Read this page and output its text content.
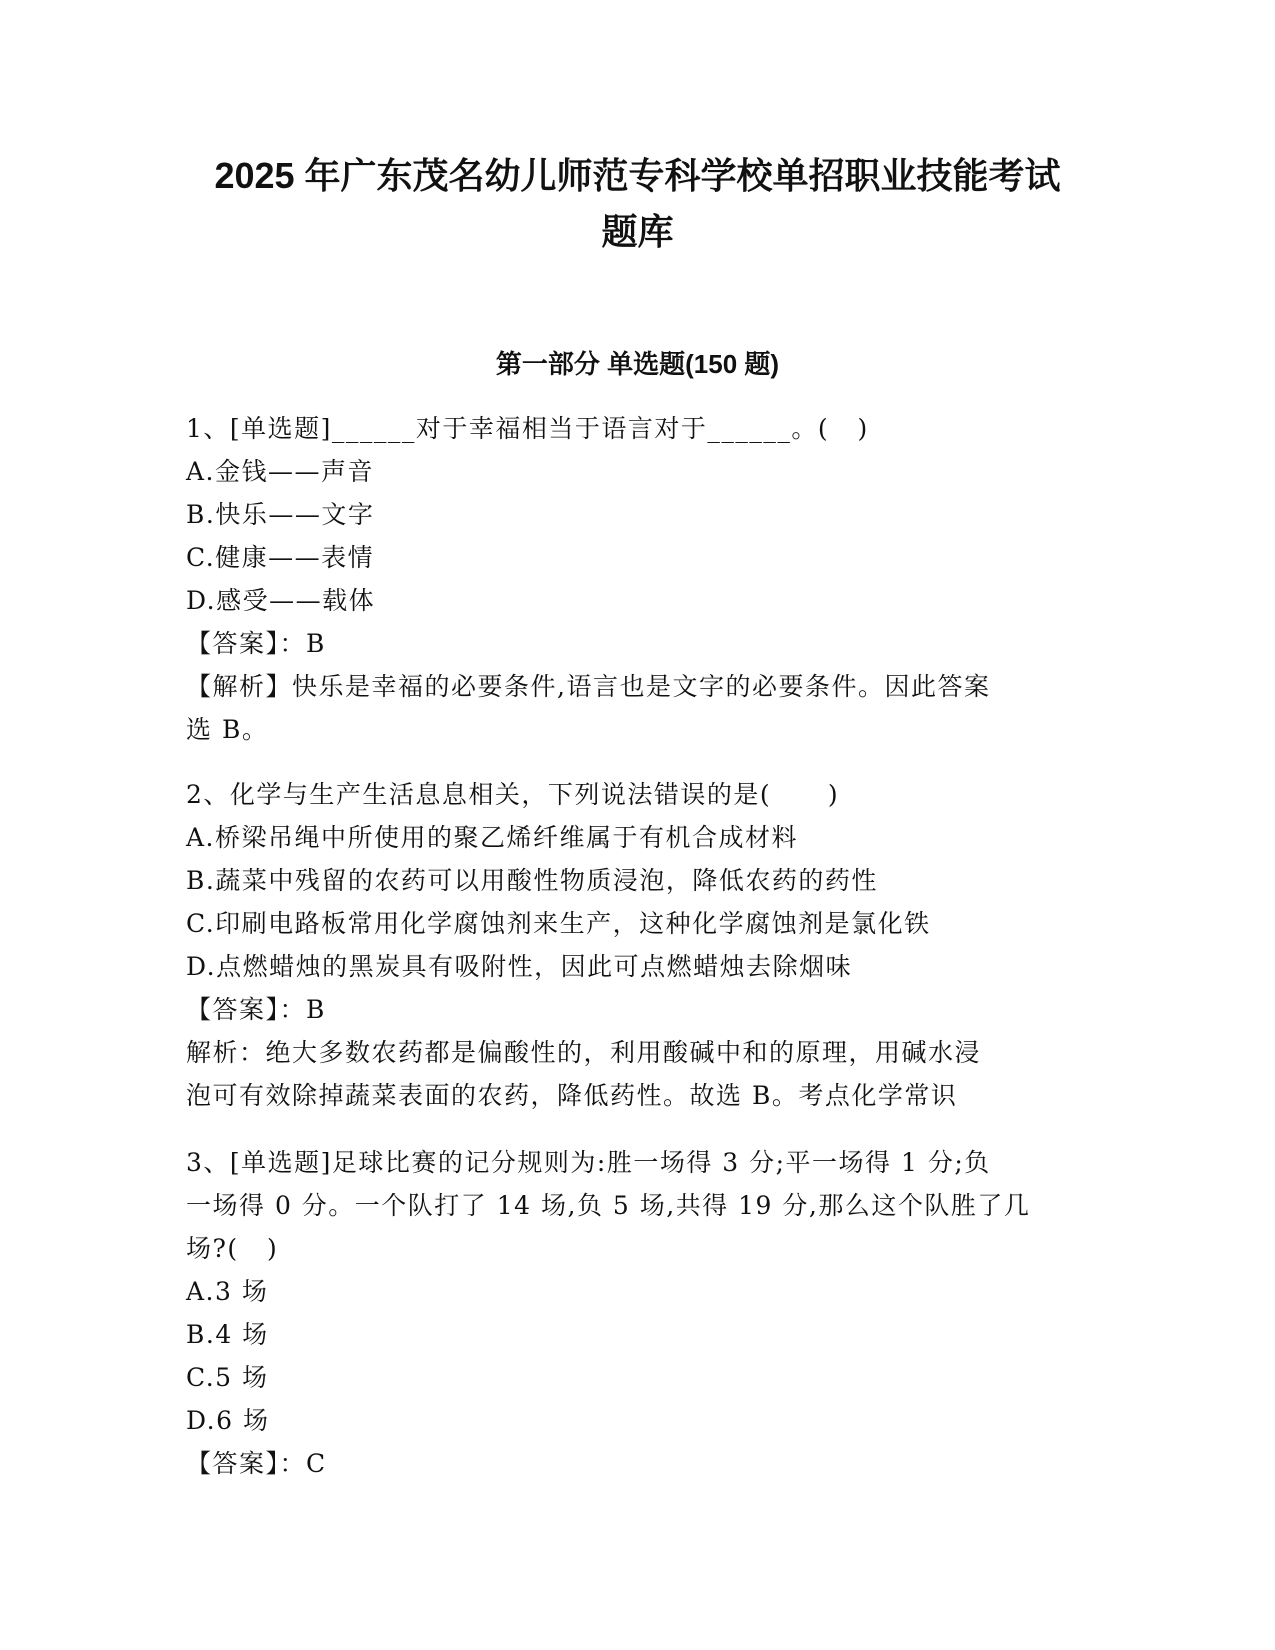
2025 年广东茂名幼儿师范专科学校单招职业技能考试
题库
第一部分 单选题(150 题)
1、[单选题]______对于幸福相当于语言对于______。(   )
A.金钱——声音
B.快乐——文字
C.健康——表情
D.感受——载体
【答案】：B
【解析】快乐是幸福的必要条件,语言也是文字的必要条件。因此答案
选 B。
2、化学与生产生活息息相关，下列说法错误的是(      )
A.桥梁吊绳中所使用的聚乙烯纤维属于有机合成材料
B.蔬菜中残留的农药可以用酸性物质浸泡，降低农药的药性
C.印刷电路板常用化学腐蚀剂来生产，这种化学腐蚀剂是氯化铁
D.点燃蜡烛的黑炭具有吸附性，因此可点燃蜡烛去除烟味
【答案】：B
解析：绝大多数农药都是偏酸性的，利用酸碱中和的原理，用碱水浸
泡可有效除掉蔬菜表面的农药，降低药性。故选 B。考点化学常识
3、[单选题]足球比赛的记分规则为:胜一场得 3 分;平一场得 1 分;负
一场得 0 分。一个队打了 14 场,负 5 场,共得 19 分,那么这个队胜了几
场?(   )
A.3 场
B.4 场
C.5 场
D.6 场
【答案】：C
